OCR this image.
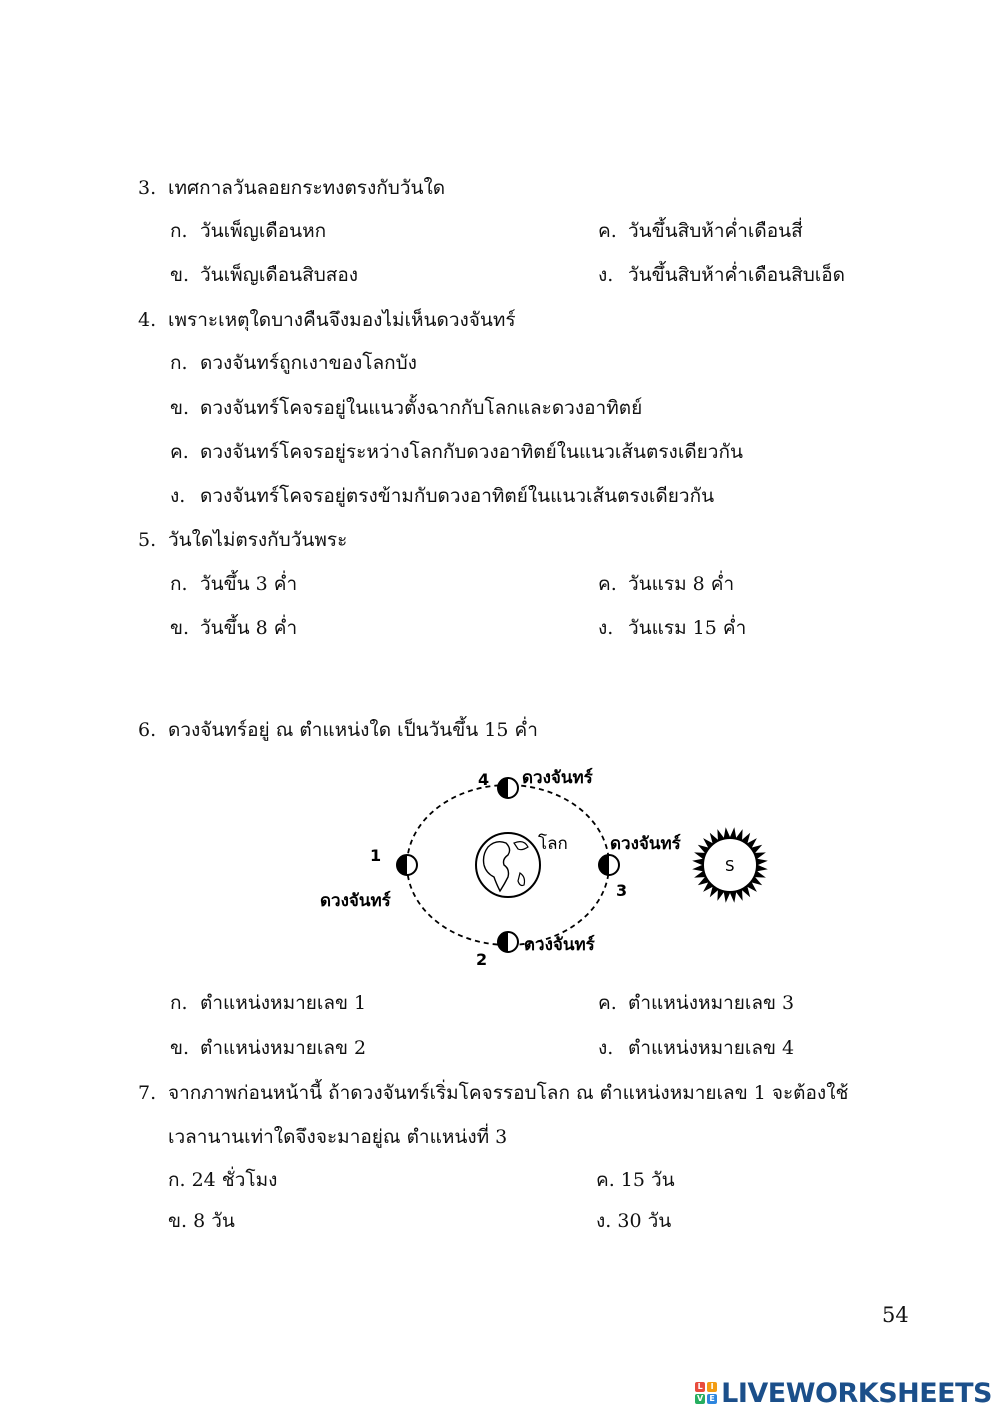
3. เทศกาลวันลอยกระทงตรงกับวันใด
ก. วันเพ็ญเดือนหก	ค. วันขึ้นสิบห้าค่ำเดือนสี่
ข. วันเพ็ญเดือนสิบสอง	ง. วันขึ้นสิบห้าค่ำเดือนสิบเอ็ด
4. เพราะเหตุใดบางคืนจึงมองไม่เห็นดวงจันทร์
ก. ดวงจันทร์ถูกเงาของโลกบัง
ข. ดวงจันทร์โคจรอยู่ในแนวตั้งฉากกับโลกและดวงอาทิตย์
ค. ดวงจันทร์โคจรอยู่ระหว่างโลกกับดวงอาทิตย์ในแนวเส้นตรงเดียวกัน
ง. ดวงจันทร์โคจรอยู่ตรงข้ามกับดวงอาทิตย์ในแนวเส้นตรงเดียวกัน
5. วันใดไม่ตรงกับวันพระ
ก. วันขึ้น 3 ค่ำ	ค. วันแรม 8 ค่ำ
ข. วันขึ้น 8 ค่ำ	ง. วันแรม 15 ค่ำ
6. ดวงจันทร์อยู่ ณ ตำแหน่งใด เป็นวันขึ้น 15 ค่ำ
โลก
1
ดวงจันทร์
2
ดวงจันทร์
3
ดวงจันทร์
4 ดวงจันทร์
S
ก. ตำแหน่งหมายเลข 1	ค. ตำแหน่งหมายเลข 3
ข. ตำแหน่งหมายเลข 2	ง. ตำแหน่งหมายเลข 4
7. จากภาพก่อนหน้านี้ ถ้าดวงจันทร์เริ่มโคจรรอบโลก ณ ตำแหน่งหมายเลข 1 จะต้องใช้
เวลานานเท่าใดจึงจะมาอยู่ณ ตำแหน่งที่ 3
ก. 24 ชั่วโมง	ค. 15 วัน
ข. 8 วัน	ง. 30 วัน
54
L I
V E LIVEWORKSHEETS
